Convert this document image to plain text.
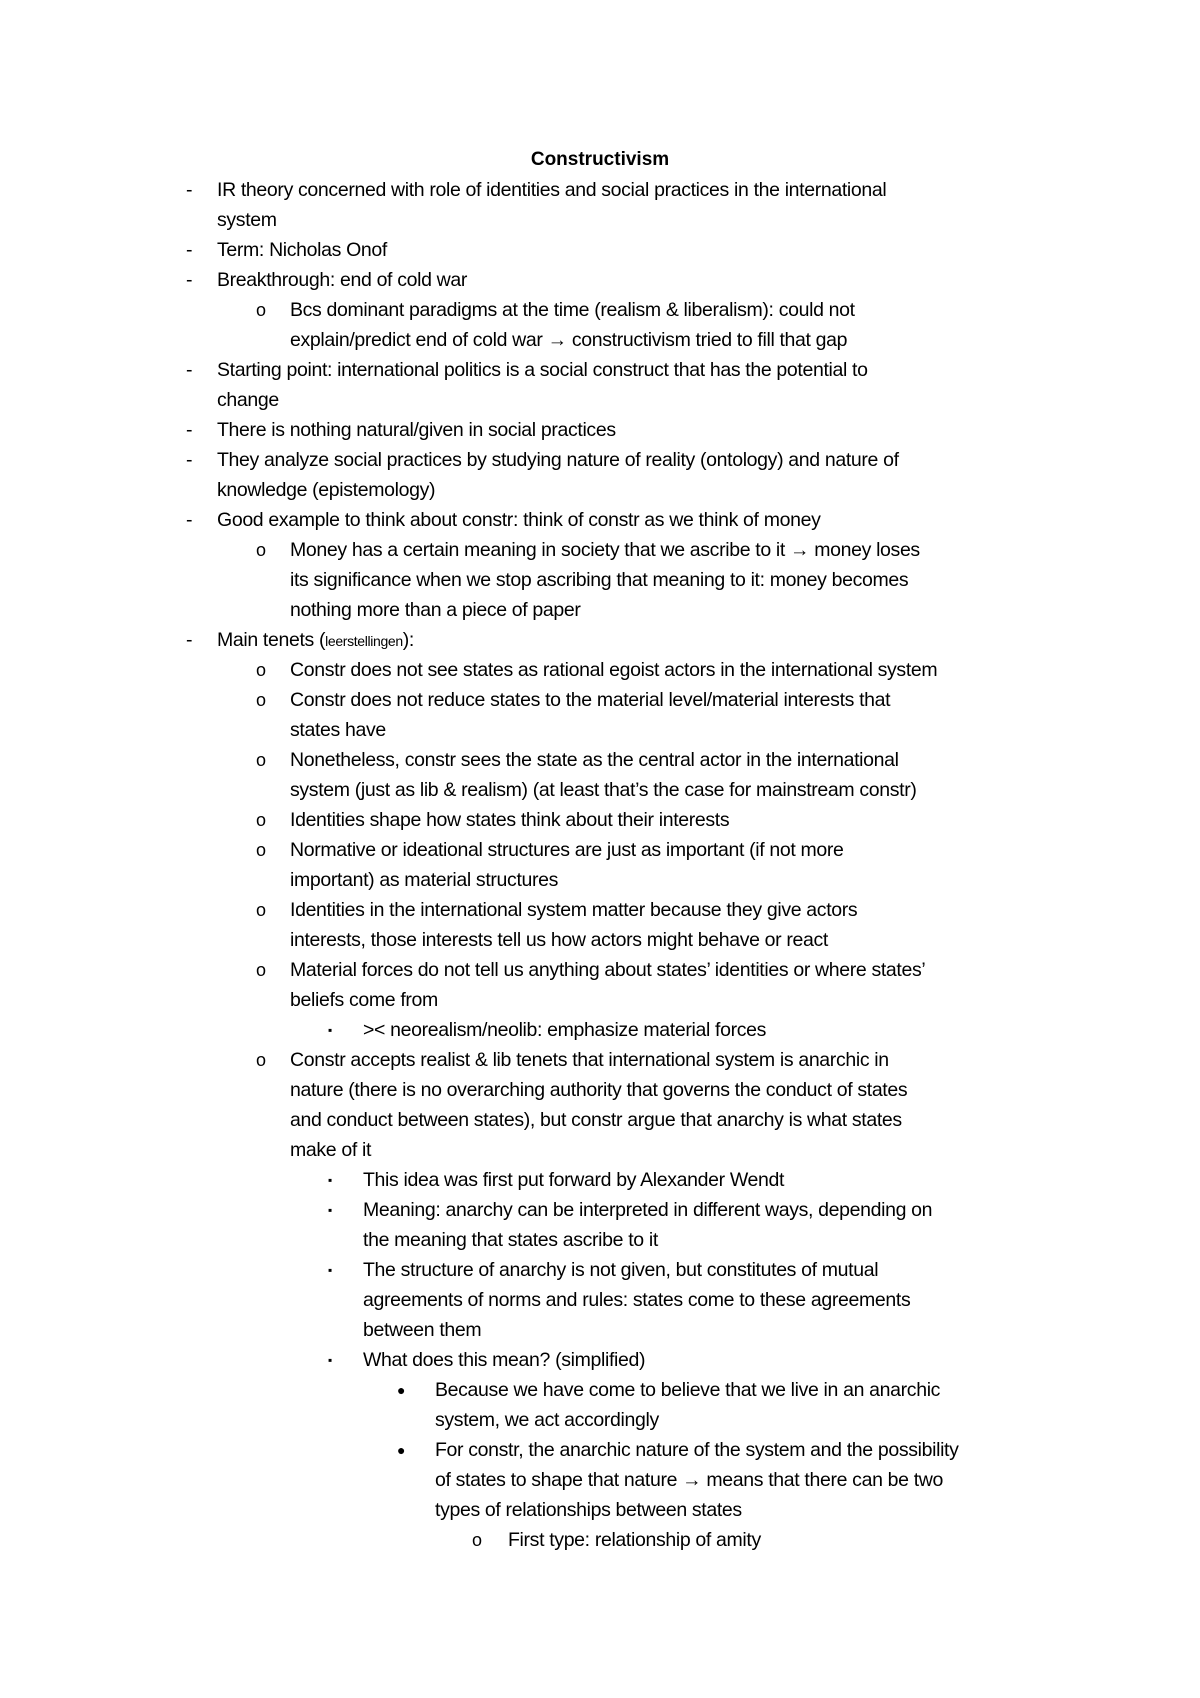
Constructivism
- IR theory concerned with role of identities and social practices in the international
system
- Term: Nicholas Onof
- Breakthrough: end of cold war
o Bcs dominant paradigms at the time (realism & liberalism): could not
explain/predict end of cold war → constructivism tried to fill that gap
- Starting point: international politics is a social construct that has the potential to
change
- There is nothing natural/given in social practices
- They analyze social practices by studying nature of reality (ontology) and nature of
knowledge (epistemology)
- Good example to think about constr: think of constr as we think of money
o Money has a certain meaning in society that we ascribe to it → money loses
its significance when we stop ascribing that meaning to it: money becomes
nothing more than a piece of paper
- Main tenets (leerstellingen):
o Constr does not see states as rational egoist actors in the international system
o Constr does not reduce states to the material level/material interests that
states have
o Nonetheless, constr sees the state as the central actor in the international
system (just as lib & realism) (at least that’s the case for mainstream constr)
o Identities shape how states think about their interests
o Normative or ideational structures are just as important (if not more
important) as material structures
o Identities in the international system matter because they give actors
interests, those interests tell us how actors might behave or react
o Material forces do not tell us anything about states’ identities or where states’
beliefs come from
▪ >< neorealism/neolib: emphasize material forces
o Constr accepts realist & lib tenets that international system is anarchic in
nature (there is no overarching authority that governs the conduct of states
and conduct between states), but constr argue that anarchy is what states
make of it
▪ This idea was first put forward by Alexander Wendt
▪ Meaning: anarchy can be interpreted in different ways, depending on
the meaning that states ascribe to it
▪ The structure of anarchy is not given, but constitutes of mutual
agreements of norms and rules: states come to these agreements
between them
▪ What does this mean? (simplified)
● Because we have come to believe that we live in an anarchic
system, we act accordingly
● For constr, the anarchic nature of the system and the possibility
of states to shape that nature → means that there can be two
types of relationships between states
o First type: relationship of amity
